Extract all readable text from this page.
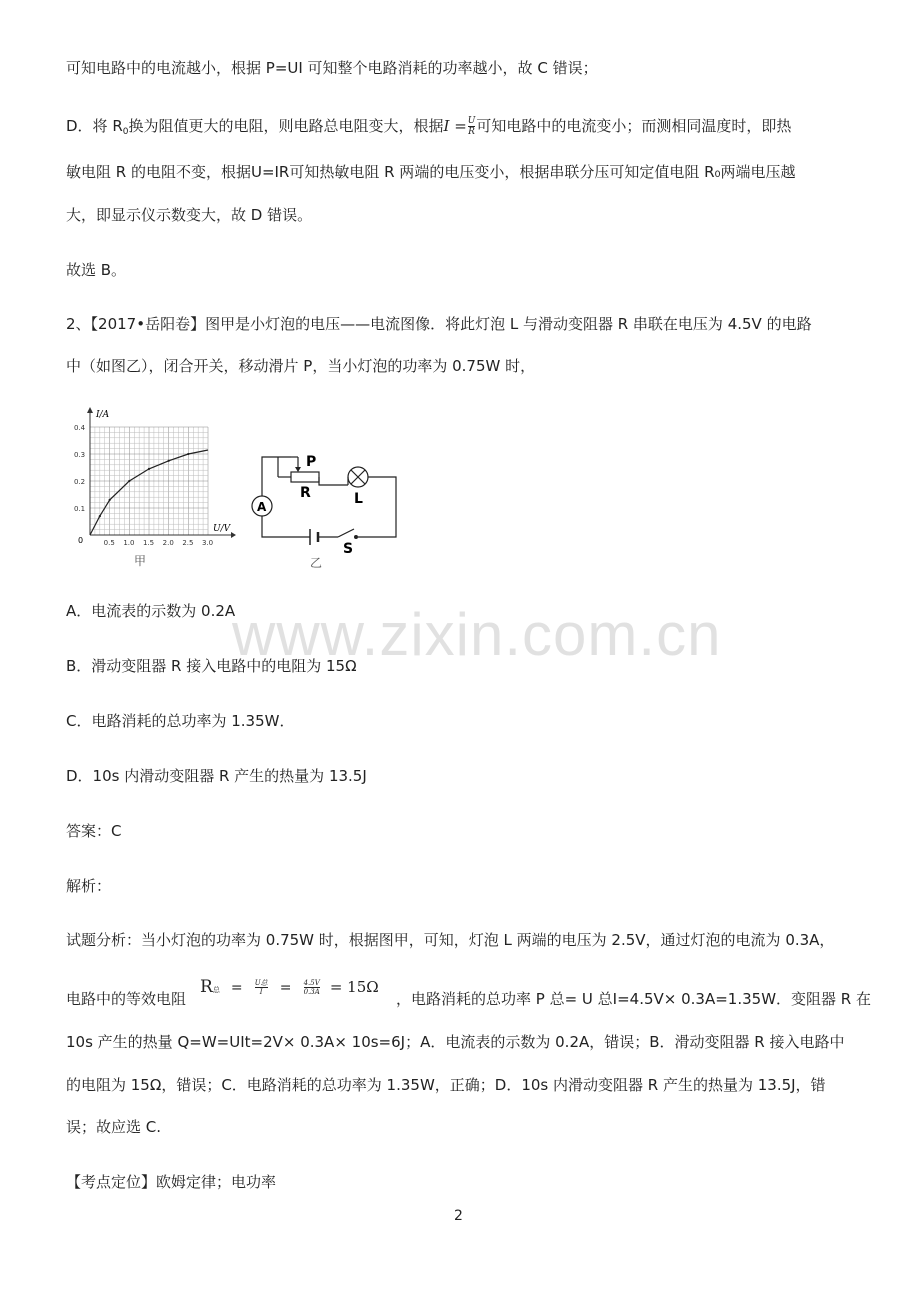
可知电路中的电流越小，根据 P=UI 可知整个电路消耗的功率越小，故 C 错误；
D．将 $R_0$换为阻值更大的电阻，则电路总电阻变大，根据$I = \frac{U}{R}$ 可知电路中的电流变小；而测相同温度时，即热
敏电阻 R 的电阻不变，根据U=IR可知热敏电阻 R 两端的电压变小，根据串联分压可知定值电阻 R₀两端电压越
大，即显示仪示数变大，故 D 错误。
故选 B。
2、【2017•岳阳卷】图甲是小灯泡的电压——电流图像．将此灯泡 L 与滑动变阻器 R 串联在电压为 4.5V 的电路
中（如图乙），闭合开关，移动滑片 P，当小灯泡的功率为 0.75W 时，
I/A
U/V
0
0.4
0.3
0.2
0.1
0.5 1.0 1.5 2.0 2.5 3.0
甲
P
R	L
A
S
乙
A．电流表的示数为 0.2A
B．滑动变阻器 R 接入电路中的电阻为 15Ω
C．电路消耗的总功率为 1.35W．
D．10s 内滑动变阻器 R 产生的热量为 13.5J
www.zixin.com.cn
答案：C
解析：
试题分析：当小灯泡的功率为 0.75W 时，根据图甲，可知，灯泡 L 两端的电压为 2.5V，通过灯泡的电流为 0.3A，
电路中的等效电阻
R总 = $\frac{\text{U总}}{I} = \frac{4.5V}{0.3A} = 15\Omega$
，电路消耗的总功率 P 总= U 总I=4.5V× 0.3A=1.35W．变阻器 R 在
10s 产生的热量 Q=W=UIt=2V× 0.3A× 10s=6J；A．电流表的示数为 0.2A，错误；B．滑动变阻器 R 接入电路中
的电阻为 15Ω，错误；C．电路消耗的总功率为 1.35W，正确；D．10s 内滑动变阻器 R 产生的热量为 13.5J，错
误；故应选 C.
【考点定位】欧姆定律；电功率
2
